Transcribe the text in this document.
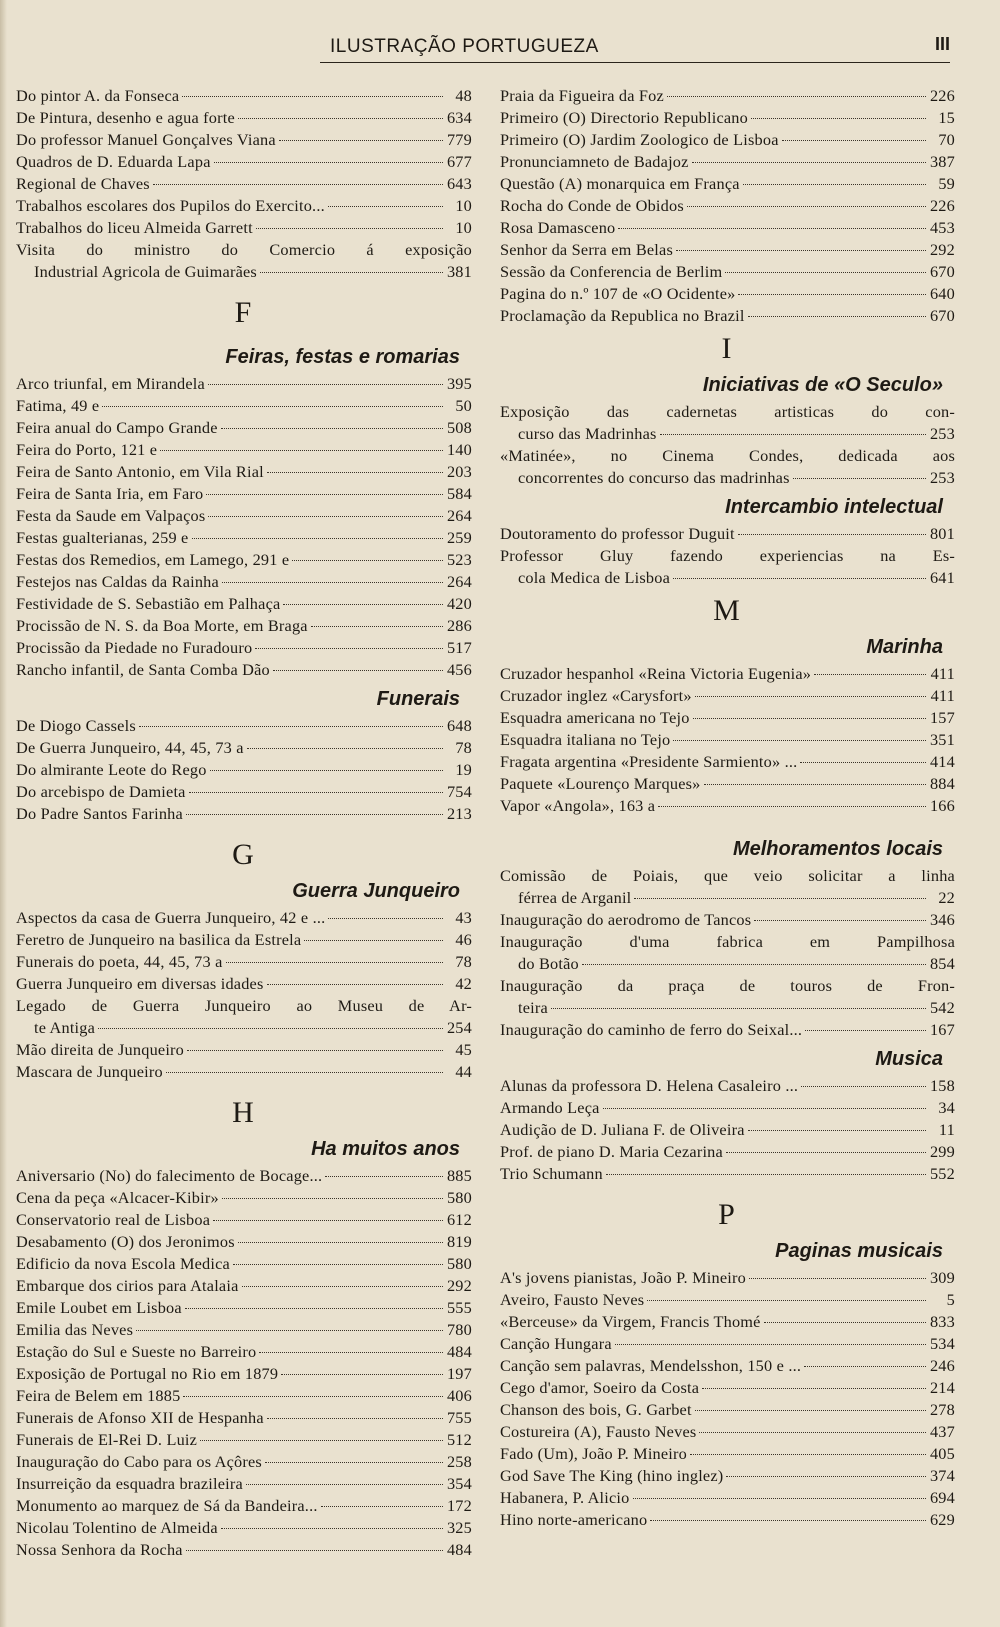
ILUSTRAÇÃO PORTUGUEZA	III
Do pintor A. da Fonseca	48
De Pintura, desenho e agua forte	634
Do professor Manuel Gonçalves Viana	779
Quadros de D. Eduarda Lapa	677
Regional de Chaves	643
Trabalhos escolares dos Pupilos do Exercito...	10
Trabalhos do liceu Almeida Garrett	10
Visita do ministro do Comercio á exposição
Industrial Agricola de Guimarães	381
F
Feiras, festas e romarias
Arco triunfal, em Mirandela	395
Fatima, 49 e	50
Feira anual do Campo Grande	508
Feira do Porto, 121 e	140
Feira de Santo Antonio, em Vila Rial	203
Feira de Santa Iria, em Faro	584
Festa da Saude em Valpaços	264
Festas gualterianas, 259 e	259
Festas dos Remedios, em Lamego, 291 e	523
Festejos nas Caldas da Rainha	264
Festividade de S. Sebastião em Palhaça	420
Procissão de N. S. da Boa Morte, em Braga	286
Procissão da Piedade no Furadouro	517
Rancho infantil, de Santa Comba Dão	456
Funerais
De Diogo Cassels	648
De Guerra Junqueiro, 44, 45, 73 a	78
Do almirante Leote do Rego	19
Do arcebispo de Damieta	754
Do Padre Santos Farinha	213
G
Guerra Junqueiro
Aspectos da casa de Guerra Junqueiro, 42 e ...	43
Feretro de Junqueiro na basilica da Estrela	46
Funerais do poeta, 44, 45, 73 a	78
Guerra Junqueiro em diversas idades	42
Legado de Guerra Junqueiro ao Museu de Ar-
te Antiga	254
Mão direita de Junqueiro	45
Mascara de Junqueiro	44
H
Ha muitos anos
Aniversario (No) do falecimento de Bocage...	885
Cena da peça «Alcacer-Kibir»	580
Conservatorio real de Lisboa	612
Desabamento (O) dos Jeronimos	819
Edificio da nova Escola Medica	580
Embarque dos cirios para Atalaia	292
Emile Loubet em Lisboa	555
Emilia das Neves	780
Estação do Sul e Sueste no Barreiro	484
Exposição de Portugal no Rio em 1879	197
Feira de Belem em 1885	406
Funerais de Afonso XII de Hespanha	755
Funerais de El-Rei D. Luiz	512
Inauguração do Cabo para os Açôres	258
Insurreição da esquadra brazileira	354
Monumento ao marquez de Sá da Bandeira...	172
Nicolau Tolentino de Almeida	325
Nossa Senhora da Rocha	484
Praia da Figueira da Foz	226
Primeiro (O) Directorio Republicano	15
Primeiro (O) Jardim Zoologico de Lisboa	70
Pronunciamneto de Badajoz	387
Questão (A) monarquica em França	59
Rocha do Conde de Obidos	226
Rosa Damasceno	453
Senhor da Serra em Belas	292
Sessão da Conferencia de Berlim	670
Pagina do n.º 107 de «O Ocidente»	640
Proclamação da Republica no Brazil	670
I
Iniciativas de «O Seculo»
Exposição das cadernetas artisticas do con-
curso das Madrinhas	253
«Matinée», no Cinema Condes, dedicada aos
concorrentes do concurso das madrinhas	253
Intercambio intelectual
Doutoramento do professor Duguit	801
Professor Gluy fazendo experiencias na Es-
cola Medica de Lisboa	641
M
Marinha
Cruzador hespanhol «Reina Victoria Eugenia»	411
Cruzador inglez «Carysfort»	411
Esquadra americana no Tejo	157
Esquadra italiana no Tejo	351
Fragata argentina «Presidente Sarmiento» ...	414
Paquete «Lourenço Marques»	884
Vapor «Angola», 163 a	166
Melhoramentos locais
Comissão de Poiais, que veio solicitar a linha
férrea de Arganil	22
Inauguração do aerodromo de Tancos	346
Inauguração d'uma fabrica em Pampilhosa
do Botão	854
Inauguração da praça de touros de Fron-
teira	542
Inauguração do caminho de ferro do Seixal...	167
Musica
Alunas da professora D. Helena Casaleiro ...	158
Armando Leça	34
Audição de D. Juliana F. de Oliveira	11
Prof. de piano D. Maria Cezarina	299
Trio Schumann	552
P
Paginas musicais
A's jovens pianistas, João P. Mineiro	309
Aveiro, Fausto Neves	5
«Berceuse» da Virgem, Francis Thomé	833
Canção Hungara	534
Canção sem palavras, Mendelsshon, 150 e ...	246
Cego d'amor, Soeiro da Costa	214
Chanson des bois, G. Garbet	278
Costureira (A), Fausto Neves	437
Fado (Um), João P. Mineiro	405
God Save The King (hino inglez)	374
Habanera, P. Alicio	694
Hino norte-americano	629
